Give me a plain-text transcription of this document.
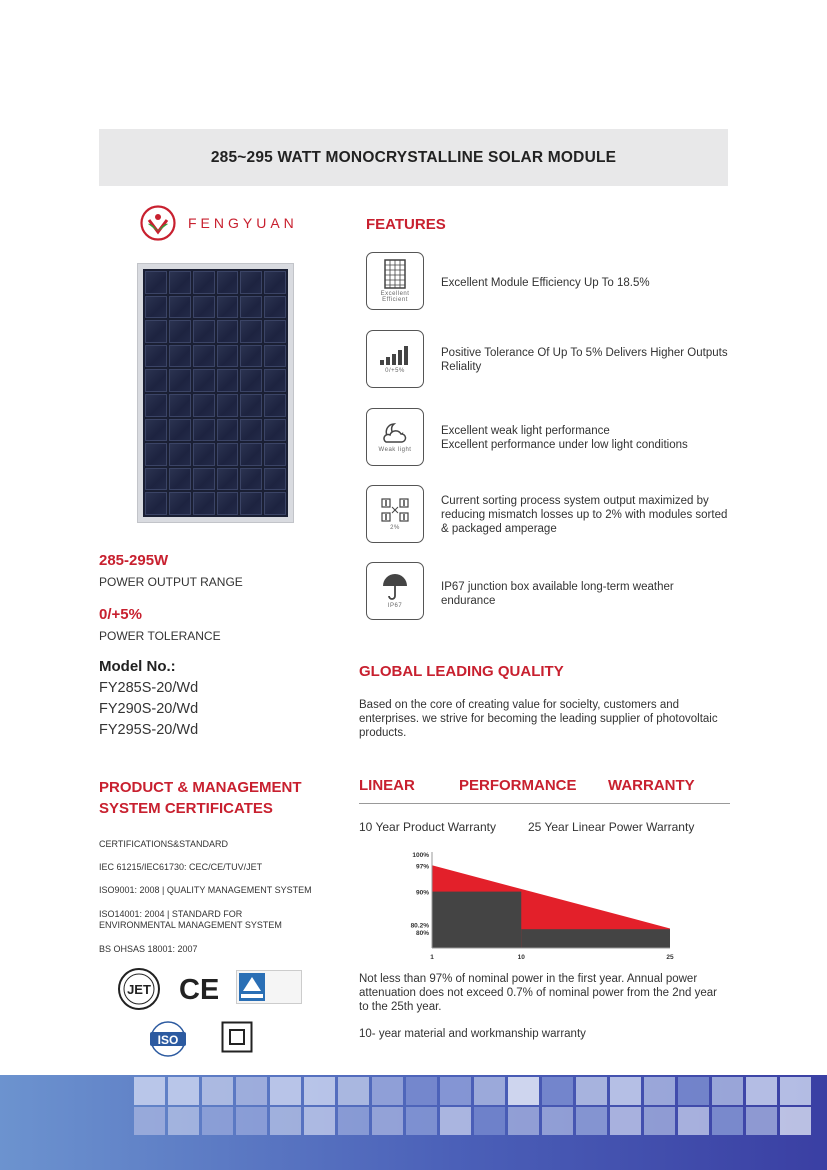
285~295 WATT MONOCRYSTALLINE SOLAR MODULE
FENGYUAN
285-295W
POWER OUTPUT RANGE
0/+5%
POWER TOLERANCE
Model No.:
FY285S-20/Wd
FY290S-20/Wd
FY295S-20/Wd
FEATURES
Excellent
Efficient
Excellent Module Efficiency Up To 18.5%
0/+5%
Positive Tolerance Of Up To 5% Delivers Higher Outputs
Reliality
Weak light
Excellent weak light performance
Excellent performance under low light conditions
2%
Current sorting process system output maximized by
reducing mismatch losses up to 2% with modules sorted
& packaged amperage
IP67
IP67 junction box available long-term weather
endurance
GLOBAL LEADING QUALITY
Based on the core of creating value for socielty, customers and
enterprises. we strive for becoming the leading supplier of photovoltaic
products.
PRODUCT & MANAGEMENT
SYSTEM CERTIFICATES
CERTIFICATIONS&STANDARD
IEC 61215/IEC61730: CEC/CE/TUV/JET
ISO9001: 2008 | QUALITY MANAGEMENT SYSTEM
ISO14001: 2004 | STANDARD FOR
ENVIRONMENTAL MANAGEMENT SYSTEM
BS OHSAS 18001: 2007
JET CE
ISO
LINEAR	PERFORMANCE WARRANTY
10 Year Product Warranty	25 Year Linear Power Warranty
100%
97%
90%
80.2%
80%
1	10	25
Not less than 97% of nominal power in the first year. Annual power
attenuation does not exceed 0.7% of nominal power from the 2nd year
to the 25th year.
10- year material and workmanship warranty
